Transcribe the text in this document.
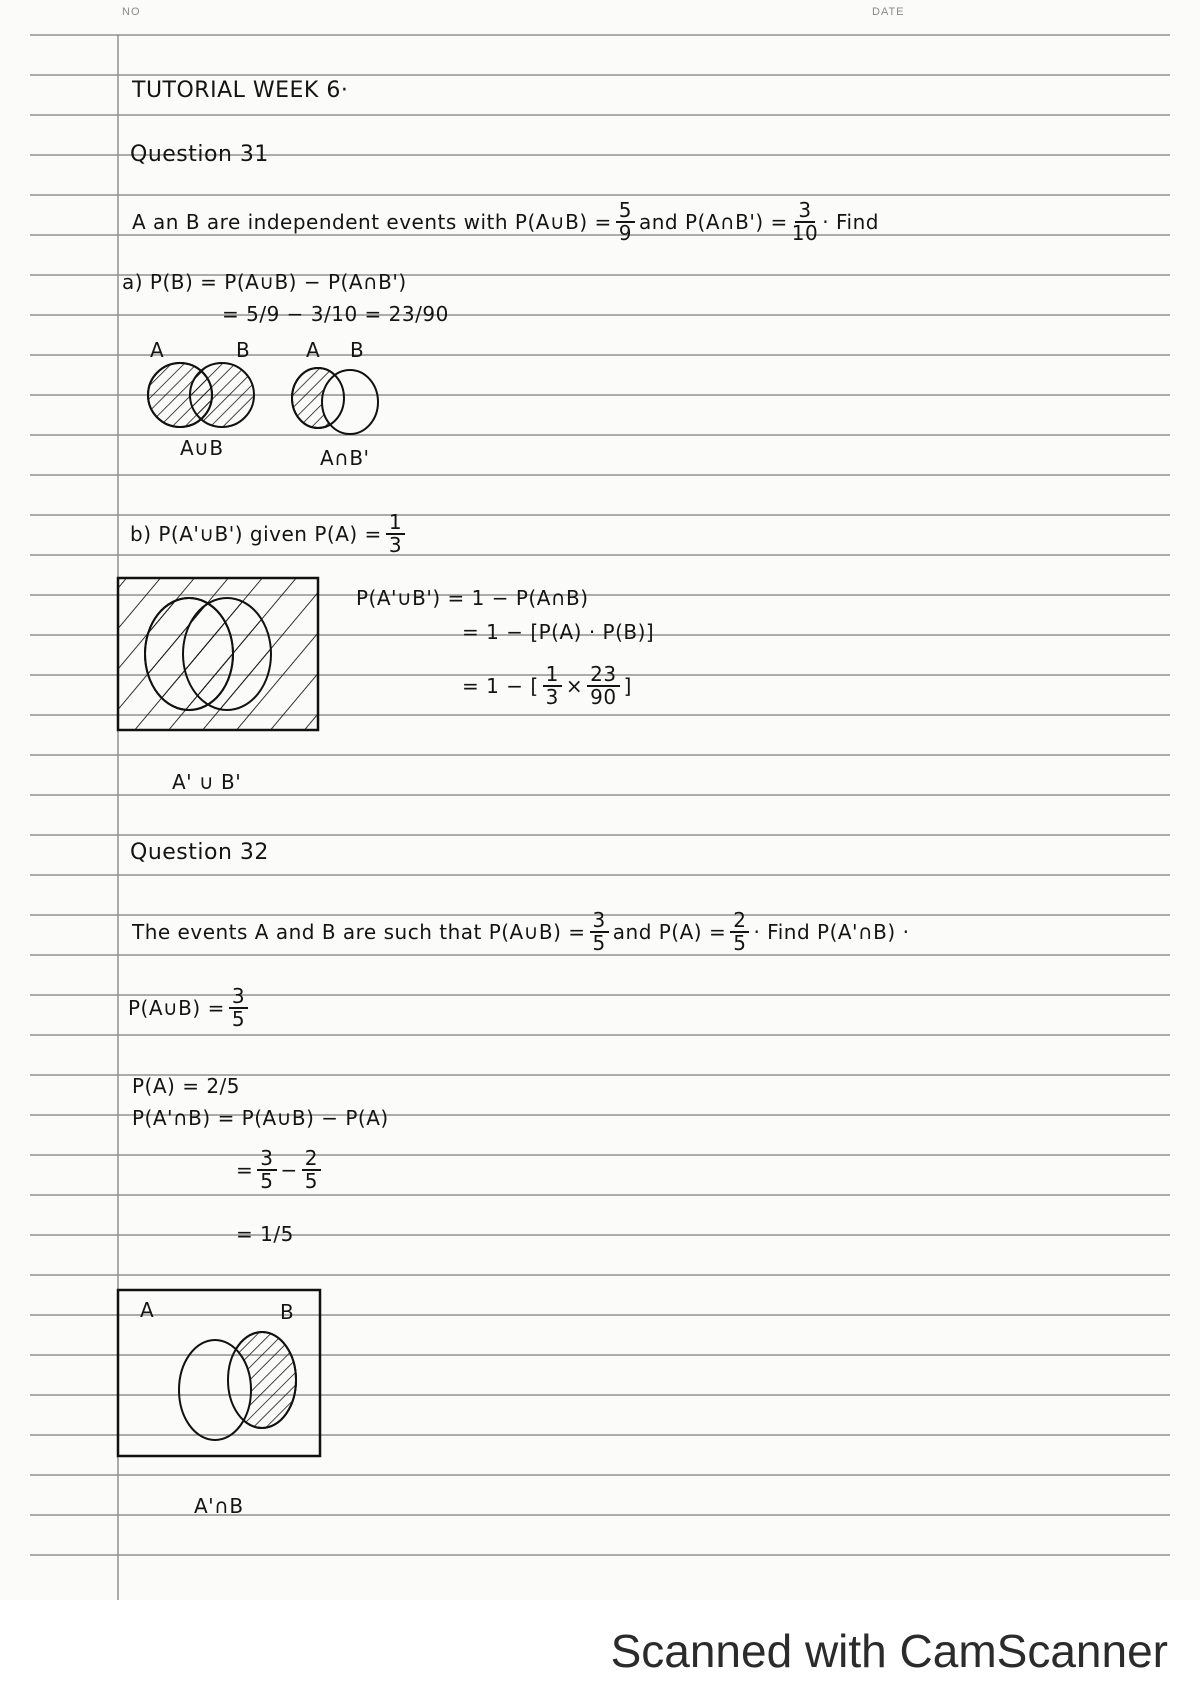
NO	DATE
TUTORIAL WEEK 6·
Question 31
A an B are independent events with P(A∪B) = $\frac{5}{9}$ and P(A∩B') = $\frac{3}{10}$ · Find
a) P(B) = P(A∪B) − P(A∩B')
= 5/9 − 3/10 = 23/90
A	B	A B
A∪B	A∩B'
b) P(A'∪B') given $P(A) = \frac{1}{3}$
P(A'∪B') = 1 − P(A∩B)
= 1 − [P(A) · P(B)]
= 1 − [ $\frac{1}{3} \times \frac{23}{90}$ ]
A' ∪ B'
Question 32
The events A and B are such that P(A∪B) = $\frac{3}{5}$ and $P(A) = \frac{2}{5}$ · Find P(A'∩B) ·
P(A∪B) = $\frac{3}{5}$
P(A) = 2/5
P(A'∩B) = P(A∪B) − P(A)
= $\frac{3}{5} - \frac{2}{5}$
= 1/5
A	B
A'∩B
Scanned with CamScanner
